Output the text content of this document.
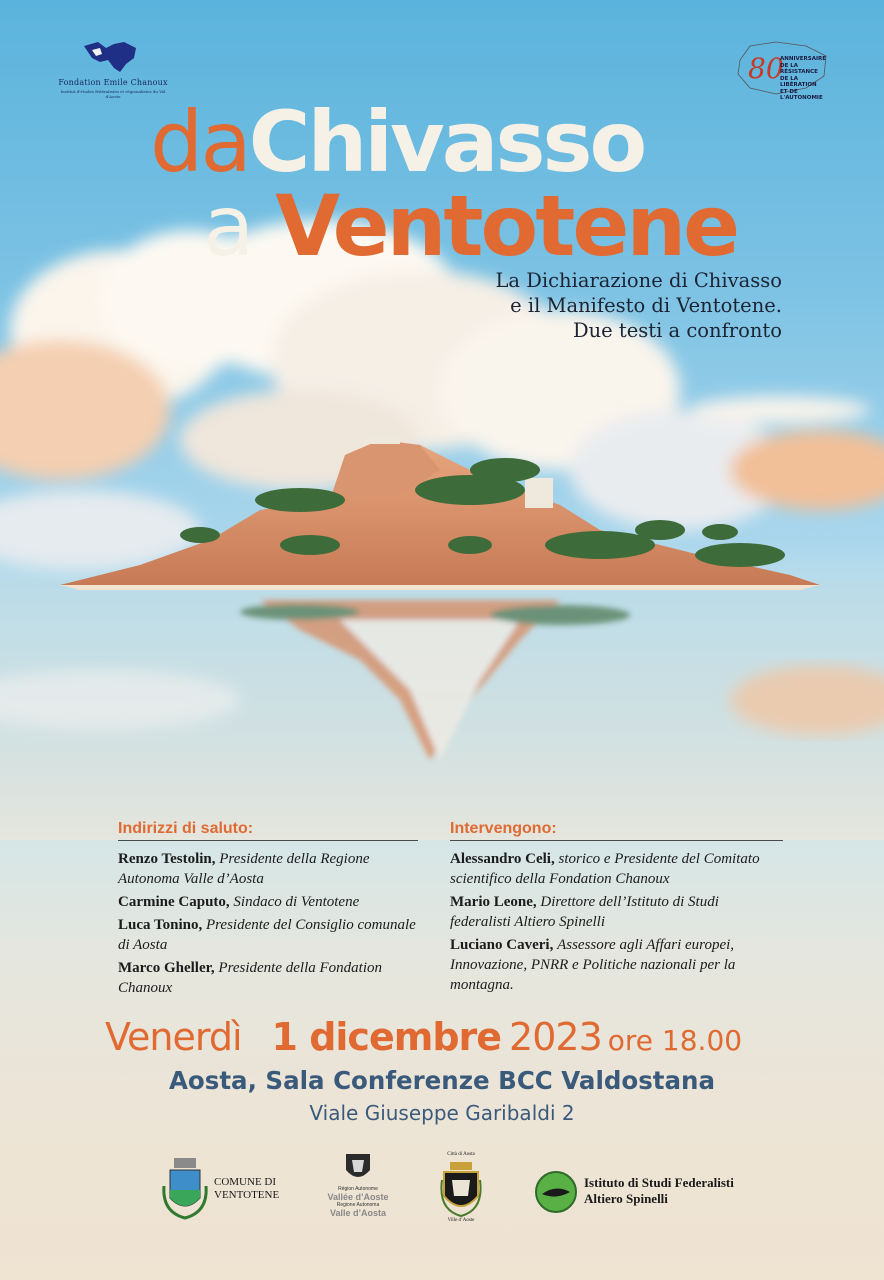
Fondation Emile Chanoux
Institut d'études fédéralistes et régionalistes du Val d'Aoste
80
ANNIVERSAIRE
DE LA RÉSISTANCE
DE LA LIBÉRATION
ET DE L'AUTONOMIE
daChivasso
a Ventotene
La Dichiarazione di Chivasso
e il Manifesto di Ventotene.
Due testi a confronto
Indirizzi di saluto:

Renzo Testolin, Presidente della Regione Autonoma Valle d’Aosta

Carmine Caputo, Sindaco di Ventotene

Luca Tonino, Presidente del Consiglio comunale di Aosta

Marco Gheller, Presidente della Fondation Chanoux

Intervengono:

Alessandro Celi, storico e Presidente del Comitato scientifico della Fondation Chanoux

Mario Leone, Direttore dell’Istituto di Studi federalisti Altiero Spinelli

Luciano Caveri, Assessore agli Affari europei, Innovazione, PNRR e Politiche nazionali per la montagna.

Venerdì 1 dicembre 2023 ore 18.00
Aosta, Sala Conferenze BCC Valdostana
Viale Giuseppe Garibaldi 2
COMUNE DI
VENTOTENE	Région Autonome
Vallée d’Aoste
Regione Autonoma
Valle d’Aosta
Città di Aosta
Ville d’Aoste
Istituto di Studi Federalisti
Altiero Spinelli
